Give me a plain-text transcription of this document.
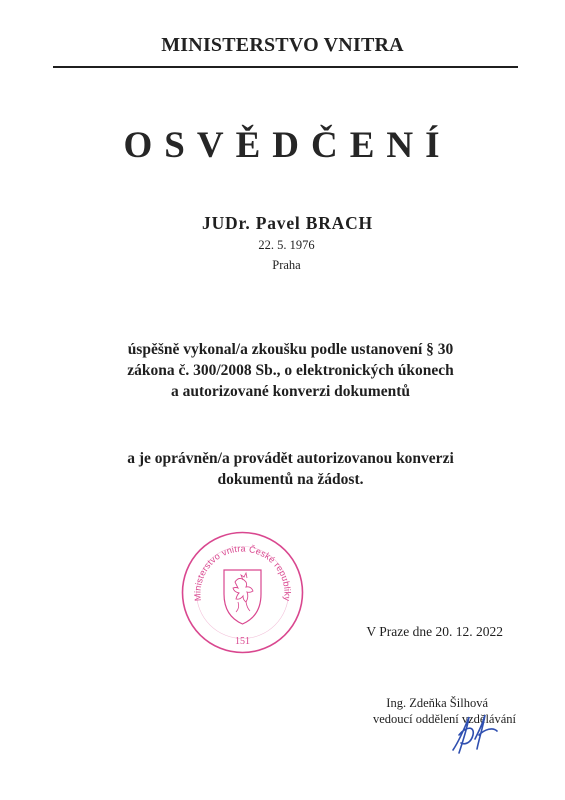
MINISTERSTVO VNITRA
OSVĚDČENÍ
JUDr. Pavel BRACH
22. 5. 1976
Praha
úspěšně vykonal/a zkoušku podle ustanovení § 30
zákona č. 300/2008 Sb., o elektronických úkonech
a autorizované konverzi dokumentů
a je oprávněn/a provádět autorizovanou konverzi
dokumentů na žádost.
Ministerstvo vnitra České republiky
151
V Praze dne 20. 12. 2022
Ing. Zdeňka Šilhová
vedoucí oddělení vzdělávání
